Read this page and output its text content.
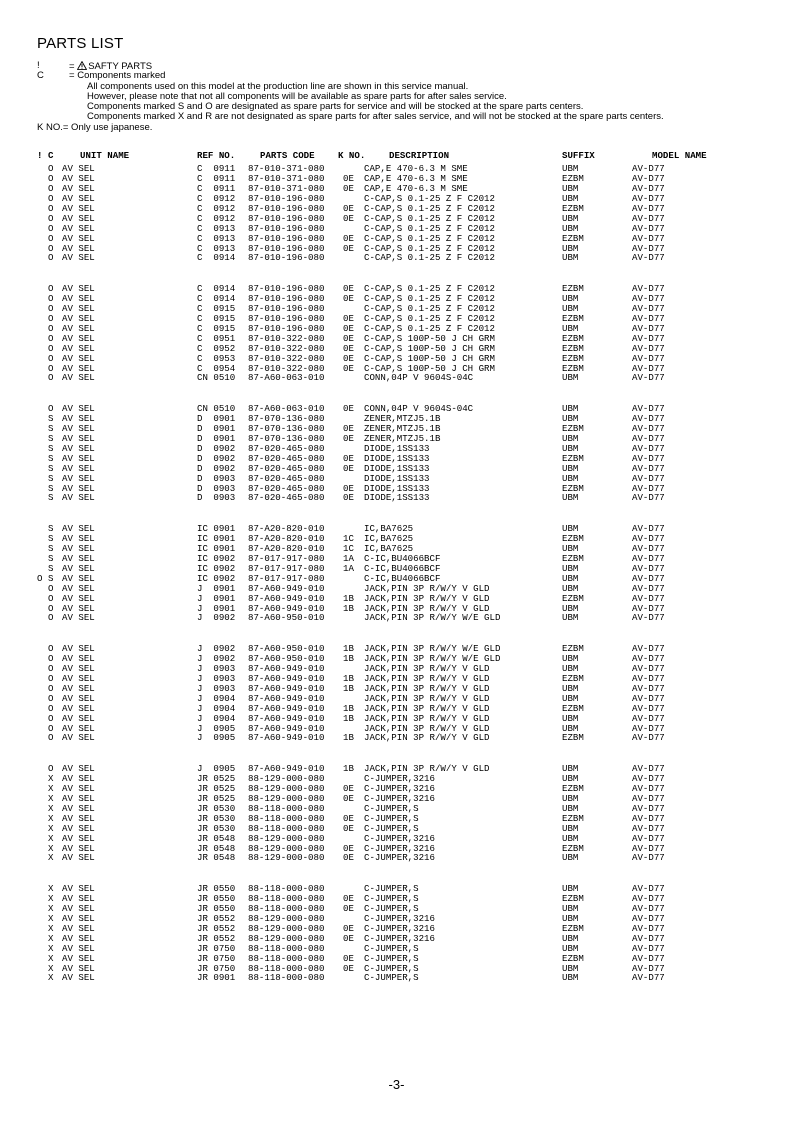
PARTS LIST
!	= SAFTY PARTS
C	= Components marked
All components used on this model at the production line are shown in this service manual.
However, please note that not all components will be available as spare parts for after sales service.
Components marked S and O are designated as spare parts for service and will be stocked at the spare parts centers.
Components marked X and R are not designated as spare parts for after sales service, and will not be stocked at the spare parts centers.
K NO.= Only use japanese.
! C	UNIT NAME	REF NO.	PARTS CODE	K NO.	DESCRIPTION	SUFFIX	MODEL NAME
O AV SEL	C  0911 87-010-371-080	CAP,E 470-6.3 M SME	UBM	AV-D77
O AV SEL	C  0911 87-010-371-080 0E CAP,E 470-6.3 M SME	EZBM	AV-D77
O AV SEL	C  0911 87-010-371-080 0E CAP,E 470-6.3 M SME	UBM	AV-D77
O AV SEL	C  0912 87-010-196-080	C-CAP,S 0.1-25 Z F C2012	UBM	AV-D77
O AV SEL	C  0912 87-010-196-080 0E C-CAP,S 0.1-25 Z F C2012	EZBM	AV-D77
O AV SEL	C  0912 87-010-196-080 0E C-CAP,S 0.1-25 Z F C2012	UBM	AV-D77
O AV SEL	C  0913 87-010-196-080	C-CAP,S 0.1-25 Z F C2012	UBM	AV-D77
O AV SEL	C  0913 87-010-196-080 0E C-CAP,S 0.1-25 Z F C2012	EZBM	AV-D77
O AV SEL	C  0913 87-010-196-080 0E C-CAP,S 0.1-25 Z F C2012	UBM	AV-D77
O AV SEL	C  0914 87-010-196-080	C-CAP,S 0.1-25 Z F C2012	UBM	AV-D77
O AV SEL	C  0914 87-010-196-080 0E C-CAP,S 0.1-25 Z F C2012	EZBM	AV-D77
O AV SEL	C  0914 87-010-196-080 0E C-CAP,S 0.1-25 Z F C2012	UBM	AV-D77
O AV SEL	C  0915 87-010-196-080	C-CAP,S 0.1-25 Z F C2012	UBM	AV-D77
O AV SEL	C  0915 87-010-196-080 0E C-CAP,S 0.1-25 Z F C2012	EZBM	AV-D77
O AV SEL	C  0915 87-010-196-080 0E C-CAP,S 0.1-25 Z F C2012	UBM	AV-D77
O AV SEL	C  0951 87-010-322-080 0E C-CAP,S 100P-50 J CH GRM	EZBM	AV-D77
O AV SEL	C  0952 87-010-322-080 0E C-CAP,S 100P-50 J CH GRM	EZBM	AV-D77
O AV SEL	C  0953 87-010-322-080 0E C-CAP,S 100P-50 J CH GRM	EZBM	AV-D77
O AV SEL	C  0954 87-010-322-080 0E C-CAP,S 100P-50 J CH GRM	EZBM	AV-D77
O AV SEL	CN 0510 87-A60-063-010	CONN,04P V 9604S-04C	UBM	AV-D77
O AV SEL	CN 0510 87-A60-063-010 0E CONN,04P V 9604S-04C	UBM	AV-D77
S AV SEL	D  0901 87-070-136-080	ZENER,MTZJ5.1B	UBM	AV-D77
S AV SEL	D  0901 87-070-136-080 0E ZENER,MTZJ5.1B	EZBM	AV-D77
S AV SEL	D  0901 87-070-136-080 0E ZENER,MTZJ5.1B	UBM	AV-D77
S AV SEL	D  0902 87-020-465-080	DIODE,1SS133	UBM	AV-D77
S AV SEL	D  0902 87-020-465-080 0E DIODE,1SS133	EZBM	AV-D77
S AV SEL	D  0902 87-020-465-080 0E DIODE,1SS133	UBM	AV-D77
S AV SEL	D  0903 87-020-465-080	DIODE,1SS133	UBM	AV-D77
S AV SEL	D  0903 87-020-465-080 0E DIODE,1SS133	EZBM	AV-D77
S AV SEL	D  0903 87-020-465-080 0E DIODE,1SS133	UBM	AV-D77
S AV SEL	IC 0901 87-A20-820-010	IC,BA7625	UBM	AV-D77
S AV SEL	IC 0901 87-A20-820-010 1C IC,BA7625	EZBM	AV-D77
S AV SEL	IC 0901 87-A20-820-010 1C IC,BA7625	UBM	AV-D77
S AV SEL	IC 0902 87-017-917-080 1A C-IC,BU4066BCF	EZBM	AV-D77
S AV SEL	IC 0902 87-017-917-080 1A C-IC,BU4066BCF	UBM	AV-D77
O S AV SEL	IC 0902 87-017-917-080	C-IC,BU4066BCF	UBM	AV-D77
O AV SEL	J  0901 87-A60-949-010	JACK,PIN 3P R/W/Y V GLD	UBM	AV-D77
O AV SEL	J  0901 87-A60-949-010 1B JACK,PIN 3P R/W/Y V GLD	EZBM	AV-D77
O AV SEL	J  0901 87-A60-949-010 1B JACK,PIN 3P R/W/Y V GLD	UBM	AV-D77
O AV SEL	J  0902 87-A60-950-010	JACK,PIN 3P R/W/Y W/E GLD	UBM	AV-D77
O AV SEL	J  0902 87-A60-950-010 1B JACK,PIN 3P R/W/Y W/E GLD	EZBM	AV-D77
O AV SEL	J  0902 87-A60-950-010 1B JACK,PIN 3P R/W/Y W/E GLD	UBM	AV-D77
O AV SEL	J  0903 87-A60-949-010	JACK,PIN 3P R/W/Y V GLD	UBM	AV-D77
O AV SEL	J  0903 87-A60-949-010 1B JACK,PIN 3P R/W/Y V GLD	EZBM	AV-D77
O AV SEL	J  0903 87-A60-949-010 1B JACK,PIN 3P R/W/Y V GLD	UBM	AV-D77
O AV SEL	J  0904 87-A60-949-010	JACK,PIN 3P R/W/Y V GLD	UBM	AV-D77
O AV SEL	J  0904 87-A60-949-010 1B JACK,PIN 3P R/W/Y V GLD	EZBM	AV-D77
O AV SEL	J  0904 87-A60-949-010 1B JACK,PIN 3P R/W/Y V GLD	UBM	AV-D77
O AV SEL	J  0905 87-A60-949-010	JACK,PIN 3P R/W/Y V GLD	UBM	AV-D77
O AV SEL	J  0905 87-A60-949-010 1B JACK,PIN 3P R/W/Y V GLD	EZBM	AV-D77
O AV SEL	J  0905 87-A60-949-010 1B JACK,PIN 3P R/W/Y V GLD	UBM	AV-D77
X AV SEL	JR 0525 88-129-000-080	C-JUMPER,3216	UBM	AV-D77
X AV SEL	JR 0525 88-129-000-080 0E C-JUMPER,3216	EZBM	AV-D77
X AV SEL	JR 0525 88-129-000-080 0E C-JUMPER,3216	UBM	AV-D77
X AV SEL	JR 0530 88-118-000-080	C-JUMPER,S	UBM	AV-D77
X AV SEL	JR 0530 88-118-000-080 0E C-JUMPER,S	EZBM	AV-D77
X AV SEL	JR 0530 88-118-000-080 0E C-JUMPER,S	UBM	AV-D77
X AV SEL	JR 0548 88-129-000-080	C-JUMPER,3216	UBM	AV-D77
X AV SEL	JR 0548 88-129-000-080 0E C-JUMPER,3216	EZBM	AV-D77
X AV SEL	JR 0548 88-129-000-080 0E C-JUMPER,3216	UBM	AV-D77
X AV SEL	JR 0550 88-118-000-080	C-JUMPER,S	UBM	AV-D77
X AV SEL	JR 0550 88-118-000-080 0E C-JUMPER,S	EZBM	AV-D77
X AV SEL	JR 0550 88-118-000-080 0E C-JUMPER,S	UBM	AV-D77
X AV SEL	JR 0552 88-129-000-080	C-JUMPER,3216	UBM	AV-D77
X AV SEL	JR 0552 88-129-000-080 0E C-JUMPER,3216	EZBM	AV-D77
X AV SEL	JR 0552 88-129-000-080 0E C-JUMPER,3216	UBM	AV-D77
X AV SEL	JR 0750 88-118-000-080	C-JUMPER,S	UBM	AV-D77
X AV SEL	JR 0750 88-118-000-080 0E C-JUMPER,S	EZBM	AV-D77
X AV SEL	JR 0750 88-118-000-080 0E C-JUMPER,S	UBM	AV-D77
X AV SEL	JR 0901 88-118-000-080	C-JUMPER,S	UBM	AV-D77
-3-
